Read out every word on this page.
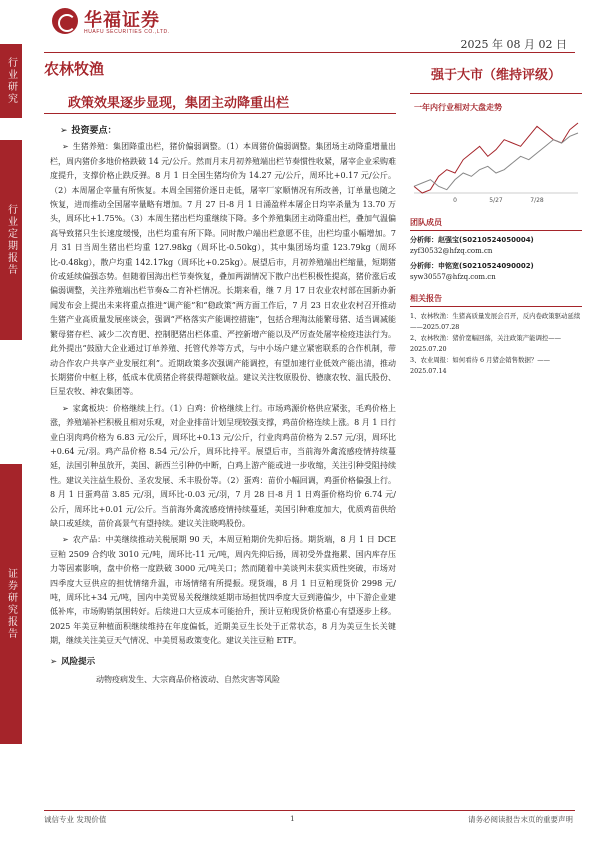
华福证券
HUAFU SECURITIES CO.,LTD.
2025 年 08 月 02 日
行业研究
行业定期报告
证券研究报告
农林牧渔
政策效果逐步显现，集团主动降重出栏
➢ 投资要点：
➢ 生猪养殖：集团降重出栏，猪价偏弱调整。（1）本周猪价偏弱调整。集团场主动降重增量出栏，周内猪价多地价格跌破 14 元/公斤。然而月末月初养殖端出栏节奏惯性收紧，屠宰企业采购难度提升，支撑价格止跌反弹。8 月 1 日全国生猪均价为 14.27 元/公斤，周环比+0.17 元/公斤。（2）本周屠企宰量有所恢复。本周全国猪价逐日走低，屠宰厂家顺情况有所改善，订单量也随之恢复，进而推动全国屠宰量略有增加。7 月 27 日-8 月 1 日涌盈样本屠企日均宰杀量为 13.70 万头，周环比+1.75%。（3）本周生猪出栏均重继续下降。多个养殖集团主动降重出栏，叠加气温偏高导致猪只生长速度缓慢，出栏均重有所下降。同时散户端出栏意愿不佳，出栏均重小幅增加。7 月 31 日当周生猪出栏均重 127.98kg（周环比-0.50kg），其中集团场均重 123.79kg（周环比-0.48kg），散户均重 142.17kg（周环比+0.25kg）。展望后市，月初养殖端出栏缩量，短期猪价或延续偏强态势。但随着国海出栏节奏恢复，叠加两湖情况下散户出栏积极性提高，猪价涨后或偏弱调整，关注养殖端出栏节奏&二育补栏情况。长期来看，继 7 月 17 日农业农村部在国新办新闻发布会上提出未来将重点推进“调产能”和“稳政策”两方面工作后，7 月 23 日农业农村召开推动生猪产业高质量发展座谈会，强调“严格落实产能调控措施”，包括合理淘汰能繁母猪、适当调减能繁母猪存栏、减少二次育肥、控制肥猪出栏体重、严控新增产能以及严厉查处屠宰检疫违法行为。此外提出“鼓励大企业通过订单养殖、托管代养等方式，与中小场户建立紧密联系的合作机制，带动合作农户共享产业发展红利”。近期政策多次强调产能调控，有望加速行业低效产能出清，推动长期猪价中枢上移，低成本优质猪企将获得超额收益。建议关注牧原股份、德康农牧、温氏股份、巨星农牧、神农集团等。
➢ 家禽板块：价格继续上行。（1）白鸡：价格继续上行。市场鸡源价格供应紧张，毛鸡价格上涨，养殖端补栏积极且相对乐观，对企业排苗计划呈现较强支撑，鸡苗价格连续上涨。8 月 1 日行业白羽肉鸡价格为 6.83 元/公斤，周环比+0.13 元/公斤，行业肉鸡苗价格为 2.57 元/羽，周环比+0.64 元/羽。鸡产品价格 8.54 元/公斤，周环比持平。展望后市，当前海外禽流感疫情持续蔓延，法国引种虽放开，美国、新西兰引种仍中断，白鸡上游产能或进一步收缩，关注引种受阻持续性。建议关注益生股份、圣农发展、禾丰股份等。（2）蛋鸡：苗价小幅回调，鸡蛋价格偏强上行。8 月 1 日蛋鸡苗 3.85 元/羽，周环比-0.03 元/羽，7 月 28 日-8 月 1 日鸡蛋价格均价 6.74 元/公斤，周环比+0.01 元/公斤。当前海外禽流感疫情持续蔓延，美国引种难度加大，优质鸡苗供给缺口或延续，苗价高景气有望持续。建议关注晓鸣股份。
➢ 农产品：中美继续推动关税展期 90 天，本周豆粕期价先抑后扬。期货端，8 月 1 日 DCE 豆粕 2509 合约收 3010 元/吨，周环比-11 元/吨，周内先抑后扬，周初受外盘拖累、国内库存压力等因素影响，盘中价格一度跌破 3000 元/吨关口；然而随着中美谈判未获实质性突破，市场对四季度大豆供应的担忧情绪升温，市场情绪有所提振。现货端，8 月 1 日豆粕现货价 2998 元/吨，周环比+34 元/吨，国内中美贸易关税继续延期市场担忧四季度大豆到港偏少，中下游企业建低补库，市场购销氛围转好。后续进口大豆成本可能抬升，预计豆粕现货价格重心有望逐步上移。2025 年美豆种植面积继续维持在年度偏低，近期美豆生长处于正常状态，8 月为美豆生长关键期，继续关注美豆天气情况、中美贸易政策变化。建议关注豆粕 ETF。
➢ 风险提示
动物疫病发生、大宗商品价格波动、自然灾害等风险
强于大市（维持评级）
一年内行业相对大盘走势
0	5/27	7/28
团队成员
分析师：赵强宝(S0210524050004)
zyf30532@hfzq.com.cn
分析师：申铭宽(S0210524090002)
syw30557@hfzq.com.cn
相关报告
1、农林牧渔：生猪高质量发展会召开，反内卷政策驱动延续——2025.07.28
2、农林牧渔：猪价宽幅回落，关注政策产能调控——2025.07.20
3、农业周报：如何看待 6 月猪企销售数据？——2025.07.14
诚信专业 发现价值	1	请务必阅读报告末页的重要声明
